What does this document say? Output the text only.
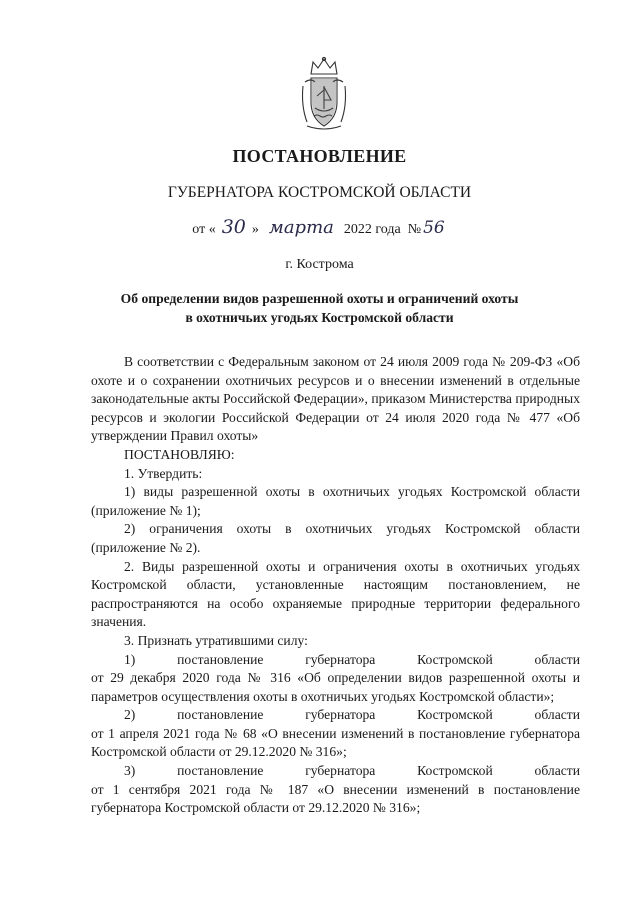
ПОСТАНОВЛЕНИЕ
ГУБЕРНАТОРА КОСТРОМСКОЙ ОБЛАСТИ
от « 30 » марта 2022 года № 56
г. Кострома
Об определении видов разрешенной охоты и ограничений охоты
в охотничьих угодьях Костромской области

В соответствии с Федеральным законом от 24 июля 2009 года № 209-ФЗ «Об охоте и о сохранении охотничьих ресурсов и о внесении изменений в отдельные законодательные акты Российской Федерации», приказом Министерства природных ресурсов и экологии Российской Федерации от 24 июля 2020 года № 477 «Об утверждении Правил охоты»

ПОСТАНОВЛЯЮ:
1. Утвердить:

1) виды разрешенной охоты в охотничьих угодьях Костромской области (приложение № 1);

2) ограничения охоты в охотничьих угодьях Костромской области (приложение № 2).

2. Виды разрешенной охоты и ограничения охоты в охотничьих угодьях Костромской области, установленные настоящим постановлением, не распространяются на особо охраняемые природные территории федерального значения.

3. Признать утратившими силу:

1)      постановление      губернатора      Костромской      области

от 29 декабря 2020 года № 316 «Об определении видов разрешенной охоты и параметров осуществления охоты в охотничьих угодьях Костромской области»;

2)      постановление      губернатора      Костромской      области

от 1 апреля 2021 года № 68 «О внесении изменений в постановление губернатора Костромской области от 29.12.2020 № 316»;

3)      постановление      губернатора      Костромской      области

от 1 сентября 2021 года № 187 «О внесении изменений в постановление губернатора Костромской области от 29.12.2020 № 316»;
